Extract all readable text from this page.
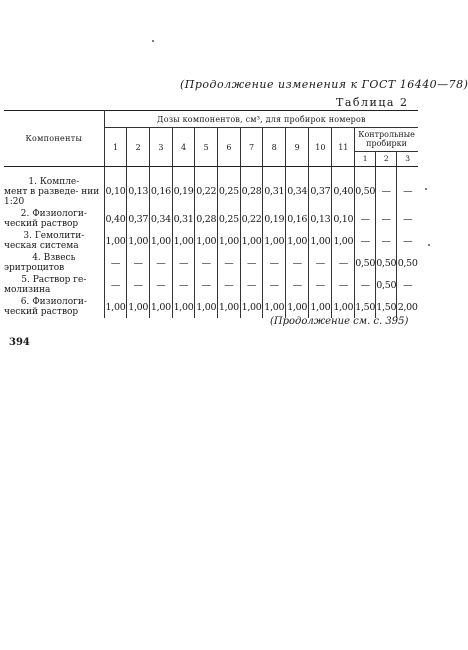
(Продолжение изменения к ГОСТ 16440—78)
Таблица 2
Компоненты	Дозы компонентов, см³, для пробирок номеров													
	1	2	3	4	5	6	7	8	9	10	11	Контрольные пробирки		
												1	2	3

1. Компле-
мент в разведе- нии 1:20	0,10	0,13	0,16	0,19	0,22	0,25	0,28	0,31	0,34	0,37	0,40	0,50	—	—

2. Физиологи-
ческий раствор	0,40	0,37	0,34	0,31	0,28	0,25	0,22	0,19	0,16	0,13	0,10	—	—	—

3. Гемолити-
ческая система	1,00	1,00	1,00	1,00	1,00	1,00	1,00	1,00	1,00	1,00	1,00	—	—	—

4. Взвесь
эритроцитов	—	—	—	—	—	—	—	—	—	—	—	0,50	0,50	0,50

5. Раствор ге-
молизина	—	—	—	—	—	—	—	—	—	—	—	—	0,50	—

6. Физиологи-
ческий раствор	1,00	1,00	1,00	1,00	1,00	1,00	1,00	1,00	1,00	1,00	1,00	1,50	1,50	2,00
(Продолжение см. с. 395)
394
